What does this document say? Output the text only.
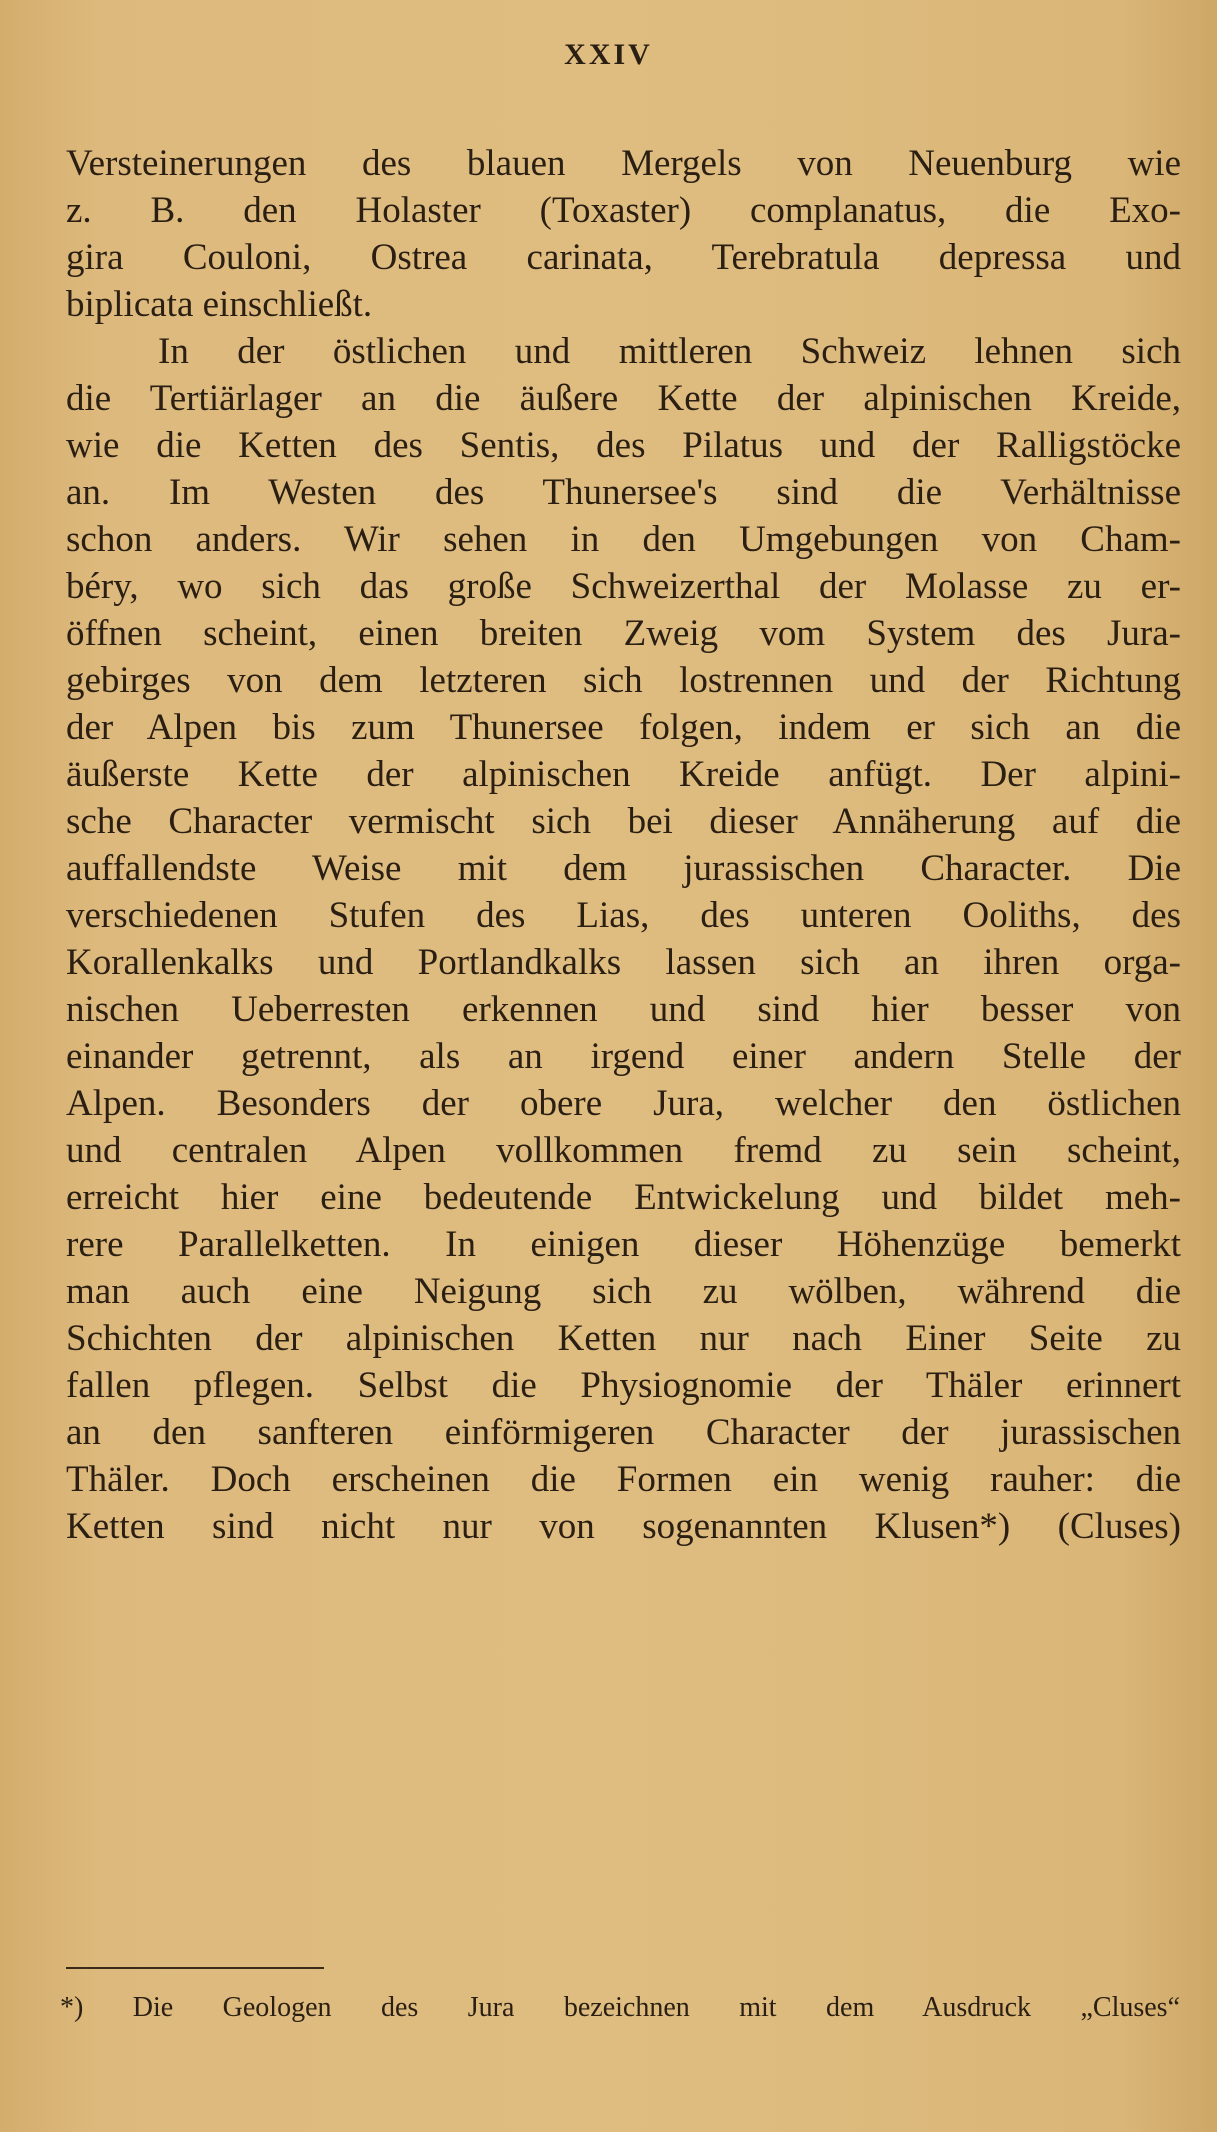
XXIV
Versteinerungen des blauen Mergels von Neuenburg wie
z. B. den Holaster (Toxaster) complanatus, die Exo-
gira Couloni, Ostrea carinata, Terebratula depressa und
biplicata einschließt.
In der östlichen und mittleren Schweiz lehnen sich
die Tertiärlager an die äußere Kette der alpinischen Kreide,
wie die Ketten des Sentis, des Pilatus und der Ralligstöcke
an. Im Westen des Thunersee's sind die Verhältnisse
schon anders. Wir sehen in den Umgebungen von Cham-
béry, wo sich das große Schweizerthal der Molasse zu er-
öffnen scheint, einen breiten Zweig vom System des Jura-
gebirges von dem letzteren sich lostrennen und der Richtung
der Alpen bis zum Thunersee folgen, indem er sich an die
äußerste Kette der alpinischen Kreide anfügt. Der alpini-
sche Character vermischt sich bei dieser Annäherung auf die
auffallendste Weise mit dem jurassischen Character. Die
verschiedenen Stufen des Lias, des unteren Ooliths, des
Korallenkalks und Portlandkalks lassen sich an ihren orga-
nischen Ueberresten erkennen und sind hier besser von
einander getrennt, als an irgend einer andern Stelle der
Alpen. Besonders der obere Jura, welcher den östlichen
und centralen Alpen vollkommen fremd zu sein scheint,
erreicht hier eine bedeutende Entwickelung und bildet meh-
rere Parallelketten. In einigen dieser Höhenzüge bemerkt
man auch eine Neigung sich zu wölben, während die
Schichten der alpinischen Ketten nur nach Einer Seite zu
fallen pflegen. Selbst die Physiognomie der Thäler erinnert
an den sanfteren einförmigeren Character der jurassischen
Thäler. Doch erscheinen die Formen ein wenig rauher: die
Ketten sind nicht nur von sogenannten Klusen*) (Cluses)
*) Die Geologen des Jura bezeichnen mit dem Ausdruck „Cluses“
